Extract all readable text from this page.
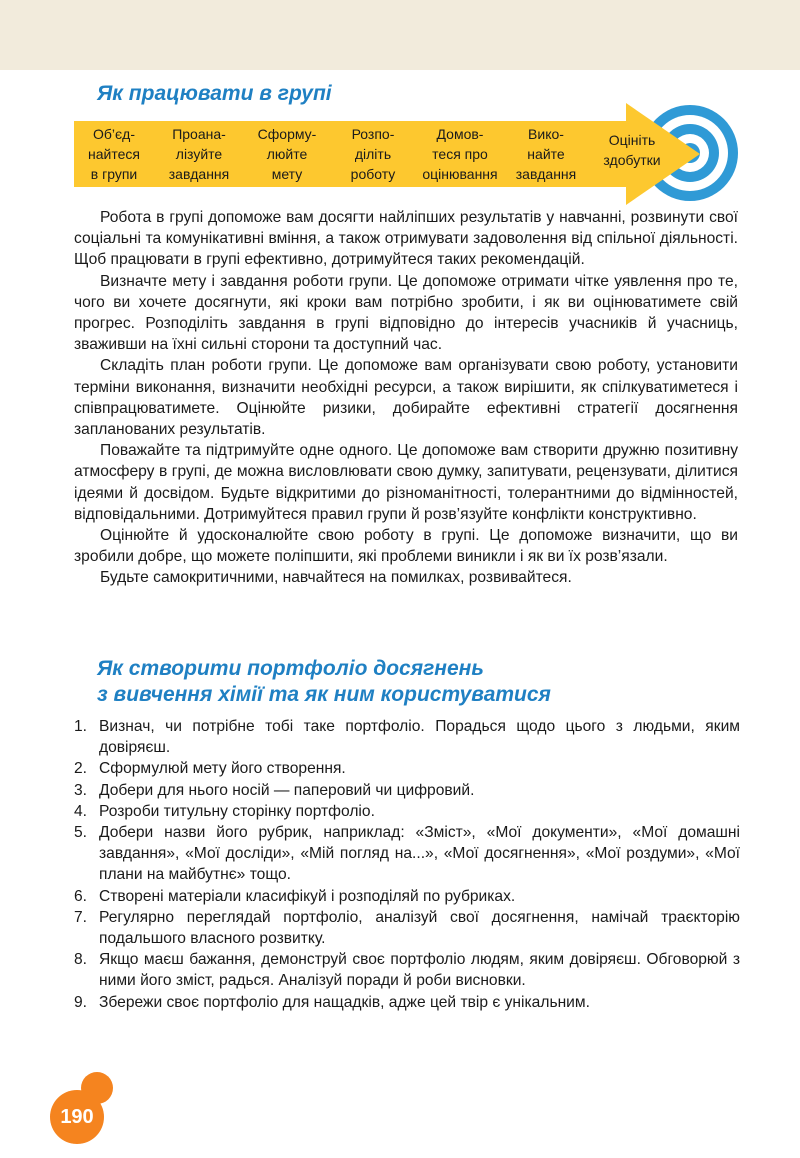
Як працювати в групі
Об’єд-
найтеся
в групи
Проана-
лізуйте
завдання
Сформу-
люйте
мету
Розпо-
діліть
роботу
Домов-
теся про
оцінювання
Вико-
найте
завдання
Оцініть
здобутки

Робота в групі допоможе вам досягти найліпших результатів у навчанні, розвинути свої соціальні та комунікативні вміння, а також отримувати задоволення від спільної діяльності. Щоб працювати в групі ефективно, дотримуйтеся таких рекомендацій.

Визначте мету і завдання роботи групи. Це допоможе отримати чітке уявлення про те, чого ви хочете досягнути, які кроки вам потрібно зробити, і як ви оцінюватимете свій прогрес. Розподіліть завдання в групі відповідно до інтересів учасників й учасниць, зваживши на їхні сильні сторони та доступний час.

Складіть план роботи групи. Це допоможе вам організувати свою роботу, установити терміни виконання, визначити необхідні ресурси, а також вирішити, як спілкуватиметеся і співпрацюватимете. Оцінюйте ризики, добирайте ефективні стратегії досягнення запланованих результатів.

Поважайте та підтримуйте одне одного. Це допоможе вам створити дружню позитивну атмосферу в групі, де можна висловлювати свою думку, запитувати, рецензувати, ділитися ідеями й досвідом. Будьте відкритими до різноманітності, толерантними до відмінностей, відповідальними. Дотримуйтеся правил групи й розв’язуйте конфлікти конструктивно.

Оцінюйте й удосконалюйте свою роботу в групі. Це допоможе визначити, що ви зробили добре, що можете поліпшити, які проблеми виникли і як ви їх розв’язали.

Будьте самокритичними, навчайтеся на помилках, розвивайтеся.

Як створити портфоліо досягнень
з вивчення хімії та як ним користуватися
1. Визнач, чи потрібне тобі таке портфоліо. Порадься щодо цього з людьми, яким довіряєш.
2. Сформулюй мету його створення.
3. Добери для нього носій — паперовий чи цифровий.
4. Розроби титульну сторінку портфоліо.
5. Добери назви його рубрик, наприклад: «Зміст», «Мої документи», «Мої домашні завдання», «Мої досліди», «Мій погляд на...», «Мої досягнення», «Мої роздуми», «Мої плани на майбутнє» тощо.
6. Створені матеріали класифікуй і розподіляй по рубриках.
7. Регулярно переглядай портфоліо, аналізуй свої досягнення, намічай траєкторію подальшого власного розвитку.
8. Якщо маєш бажання, демонструй своє портфоліо людям, яким довіряєш. Обговорюй з ними його зміст, радься. Аналізуй поради й роби висновки.
9. Збережи своє портфоліо для нащадків, адже цей твір є унікальним.
190
